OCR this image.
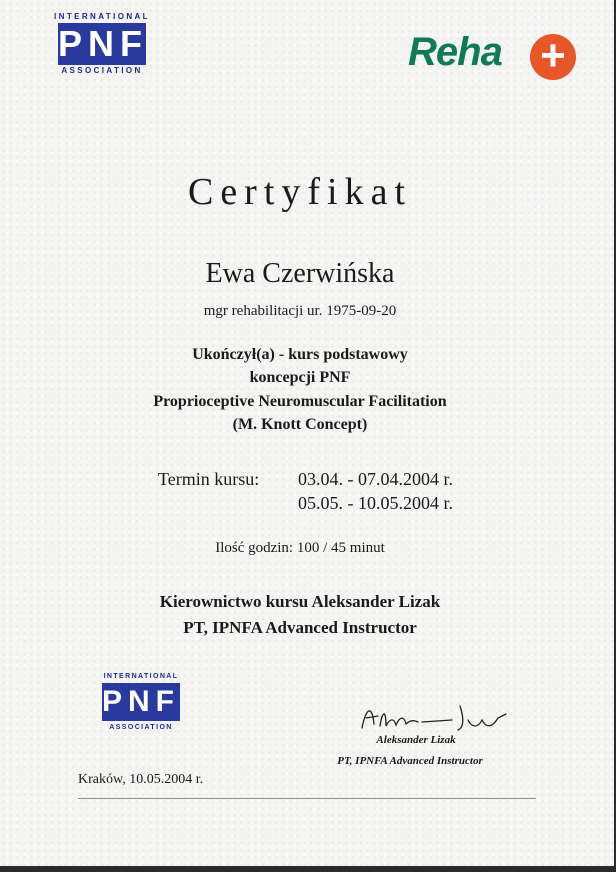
INTERNATIONAL
PNF
ASSOCIATION	Reha +
Certyfikat
Ewa Czerwińska
mgr rehabilitacji ur. 1975-09-20
Ukończył(a) - kurs podstawowy
koncepcji PNF
Proprioceptive Neuromuscular Facilitation
(M. Knott Concept)
Termin kursu: 03.04. - 07.04.2004 r.
05.05. - 10.05.2004 r.
Ilość godzin: 100 / 45 minut
Kierownictwo kursu Aleksander Lizak
PT, IPNFA Advanced Instructor
INTERNATIONAL
PNF
ASSOCIATION
Aleksander Lizak
PT, IPNFA Advanced Instructor
Kraków, 10.05.2004 r.
